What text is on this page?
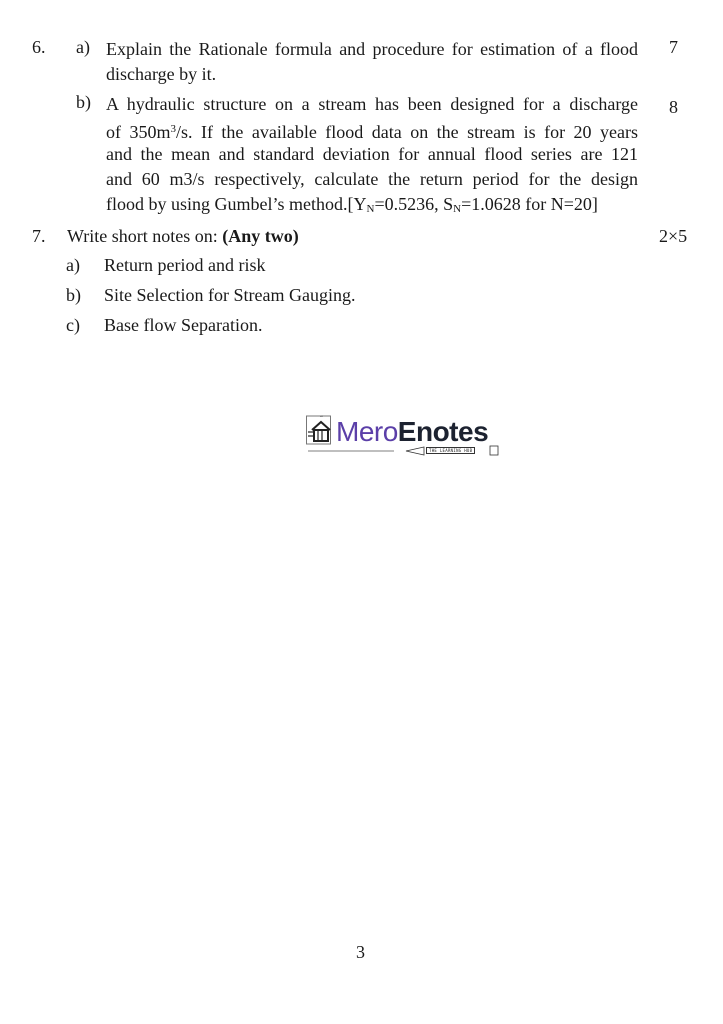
6. a) Explain the Rationale formula and procedure for estimation of a flood
discharge by it.
7
b) A hydraulic structure on a stream has been designed for a discharge
of $350m^3/s$. If the available flood data on the stream is for 20 years
and the mean and standard deviation for annual flood series are 121
and 60 m3/s respectively, calculate the return period for the design
flood by using Gumbel’s $method.[Y_N=0.5236$, $S_N=1.0628$ for N=20]
8
7. Write short notes on: (Any two)	2×5
a) Return period and risk
b) Site Selection for Stream Gauging.
c) Base flow Separation.
“ MeroEnotes
THE LEARNING HUB
3
